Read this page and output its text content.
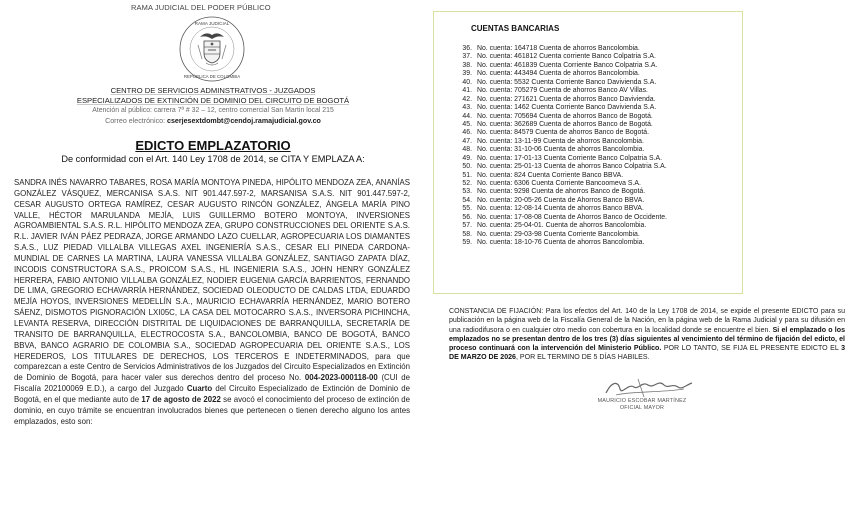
RAMA JUDICIAL DEL PODER PÚBLICO
RAMA JUDICIAL
REPÚBLICA DE COLOMBIA
CENTRO DE SERVICIOS ADMINSTRATIVOS - JUZGADOS
ESPECIALIZADOS DE EXTINCIÓN DE DOMINIO DEL CIRCUITO DE BOGOTÁ
Atención al público: carrera 7ª # 32 – 12, centro comercial San Martin local 215
Correo electrónico: cserjesextdombt@cendoj.ramajudicial.gov.co
EDICTO EMPLAZATORIO
De conformidad con el Art. 140 Ley 1708 de 2014, se CITA Y EMPLAZA A:
SANDRA INÉS NAVARRO TABARES, ROSA MARÍA MONTOYA PINEDA, HIPÓLITO MENDOZA ZEA, ANANÍAS GONZÁLEZ VÁSQUEZ, MERCANISA S.A.S. NIT 901.447.597-2, MARSANISA S.A.S. NIT 901.447.597-2, CESAR AUGUSTO ORTEGA RAMÍREZ, CESAR AUGUSTO RINCÓN GONZÁLEZ, ÁNGELA MARÍA PINO VALLE, HÉCTOR MARULANDA MEJÍA, LUIS GUILLERMO BOTERO MONTOYA, INVERSIONES AGROAMBIENTAL S.A.S. R.L. HIPÓLITO MENDOZA ZEA, GRUPO CONSTRUCCIONES DEL ORIENTE S.A.S. R.L. JAVIER IVÁN PÁEZ PEDRAZA, JORGE ARMANDO LAZO CUELLAR, AGROPECUARIA LOS DIAMANTES S.A.S., LUZ PIEDAD VILLALBA VILLEGAS AXEL INGENIERÍA S.A.S., CESAR ELI PINEDA CARDONA- MUNDIAL DE CARNES LA MARTINA, LAURA VANESSA VILLALBA GONZÁLEZ, SANTIAGO ZAPATA DÍAZ, INCODIS CONSTRUCTORA S.A.S., PROICOM S.A.S., HL INGENIERIA S.A.S., JOHN HENRY GONZÁLEZ HERRERA, FABIO ANTONIO VILLALBA GONZÁLEZ, NODIER EUGENIA GARCÍA BARRIENTOS, FERNANDO DE LIMA, GREGORIO ECHAVARRÍA HERNÁNDEZ, SOCIEDAD OLEODUCTO DE CALDAS LTDA, EDUARDO MEJÍA HOYOS, INVERSIONES MEDELLÍN S.A., MAURICIO ECHAVARRÍA HERNÁNDEZ, MARIO BOTERO SÁENZ, DISMOTOS PIGNORACIÓN LXI05C, LA CASA DEL MOTOCARRO S.A.S., INVERSORA PICHINCHA, LEVANTA RESERVA, DIRECCIÓN DISTRITAL DE LIQUIDACIONES DE BARRANQUILLA, SECRETARÍA DE TRANSITO DE BARRANQUILLA, ELECTROCOSTA S.A., BANCOLOMBIA, BANCO DE BOGOTÁ, BANCO BBVA, BANCO AGRARIO DE COLOMBIA S.A., SOCIEDAD AGROPECUARIA DEL ORIENTE S.A.S., LOS HEREDEROS, LOS TITULARES DE DERECHOS, LOS TERCEROS E INDETERMINADOS, para que comparezcan a este Centro de Servicios Administrativos de los Juzgados del Circuito Especializados en Extinción de Dominio de Bogotá, para hacer valer sus derechos dentro del proceso No. 004-2023-000118-00 (CUI de Fiscalía 202100069 E.D.), a cargo del Juzgado Cuarto del Circuito Especializado de Extinción de Dominio de Bogotá, en el que mediante auto de 17 de agosto de 2022 se avocó el conocimiento del proceso de extinción de dominio, en cuyo trámite se encuentran involucrados bienes que pertenecen o tienen derecho alguno los antes emplazados, esto son:
CUENTAS BANCARIAS
36. No. cuenta: 164718 Cuenta de ahorros Bancolombia.
37. No. cuenta: 461812 Cuenta corriente Banco Colpatria S.A.
38. No. cuenta: 461839 Cuenta Corriente Banco Colpatria S.A.
39. No. cuenta: 443494 Cuenta de ahorros Bancolombia.
40. No. cuenta: 5532 Cuenta Corriente Banco Davivienda S.A.
41. No. cuenta: 705279 Cuenta de ahorros Banco AV Villas.
42. No. cuenta: 271621 Cuenta de ahorros Banco Davivienda.
43. No. cuenta: 1462 Cuenta Corriente Banco Davivienda S.A.
44. No. cuenta: 705694 Cuenta de ahorros Banco de Bogotá.
45. No. cuenta: 362689 Cuenta de ahorros Banco de Bogotá.
46. No. cuenta: 84579 Cuenta de ahorros Banco de Bogotá.
47. No. cuenta: 13-11-99 Cuenta de ahorros Bancolombia.
48. No. cuenta: 31-10-06 Cuenta de ahorros Bancolombia.
49. No. cuenta: 17-01-13 Cuenta Corriente Banco Colpatria S.A.
50. No. cuenta: 25-01-13 Cuenta de ahorros Banco Colpatria S.A.
51. No. cuenta: 824 Cuenta Corriente Banco BBVA.
52. No. cuenta: 6306 Cuenta Corriente Bancoomeva S.A.
53. No. cuenta: 9298 Cuenta de ahorros Banco de Bogotá.
54. No. cuenta: 20-05-26 Cuenta de Ahorros Banco BBVA.
55. No. cuenta: 12-08-14 Cuenta de ahorros Banco BBVA.
56. No. cuenta: 17-08-08 Cuenta de Ahorros Banco de Occidente.
57. No. cuenta: 25-04-01. Cuenta de ahorros Bancolombia.
58. No. cuenta: 29-03-98 Cuenta Corriente Bancolombia.
59. No. cuenta: 18-10-76 Cuenta de ahorros Bancolombia.
CONSTANCIA DE FIJACIÓN: Para los efectos del Art. 140 de la Ley 1708 de 2014, se expide el presente EDICTO para su publicación en la página web de la Fiscalía General de la Nación, en la página web de la Rama Judicial y para su difusión en una radiodifusora o en cualquier otro medio con cobertura en la localidad donde se encuentre el bien. Si el emplazado o los emplazados no se presentan dentro de los tres (3) días siguientes al vencimiento del término de fijación del edicto, el proceso continuará con la intervención del Ministerio Público. POR LO TANTO, SE FIJA EL PRESENTE EDICTO EL 3 DE MARZO DE 2026, POR EL TERMINO DE 5 DÍAS HABILES.
MAURICIO ESCOBAR MARTÍNEZ
OFICIAL MAYOR
